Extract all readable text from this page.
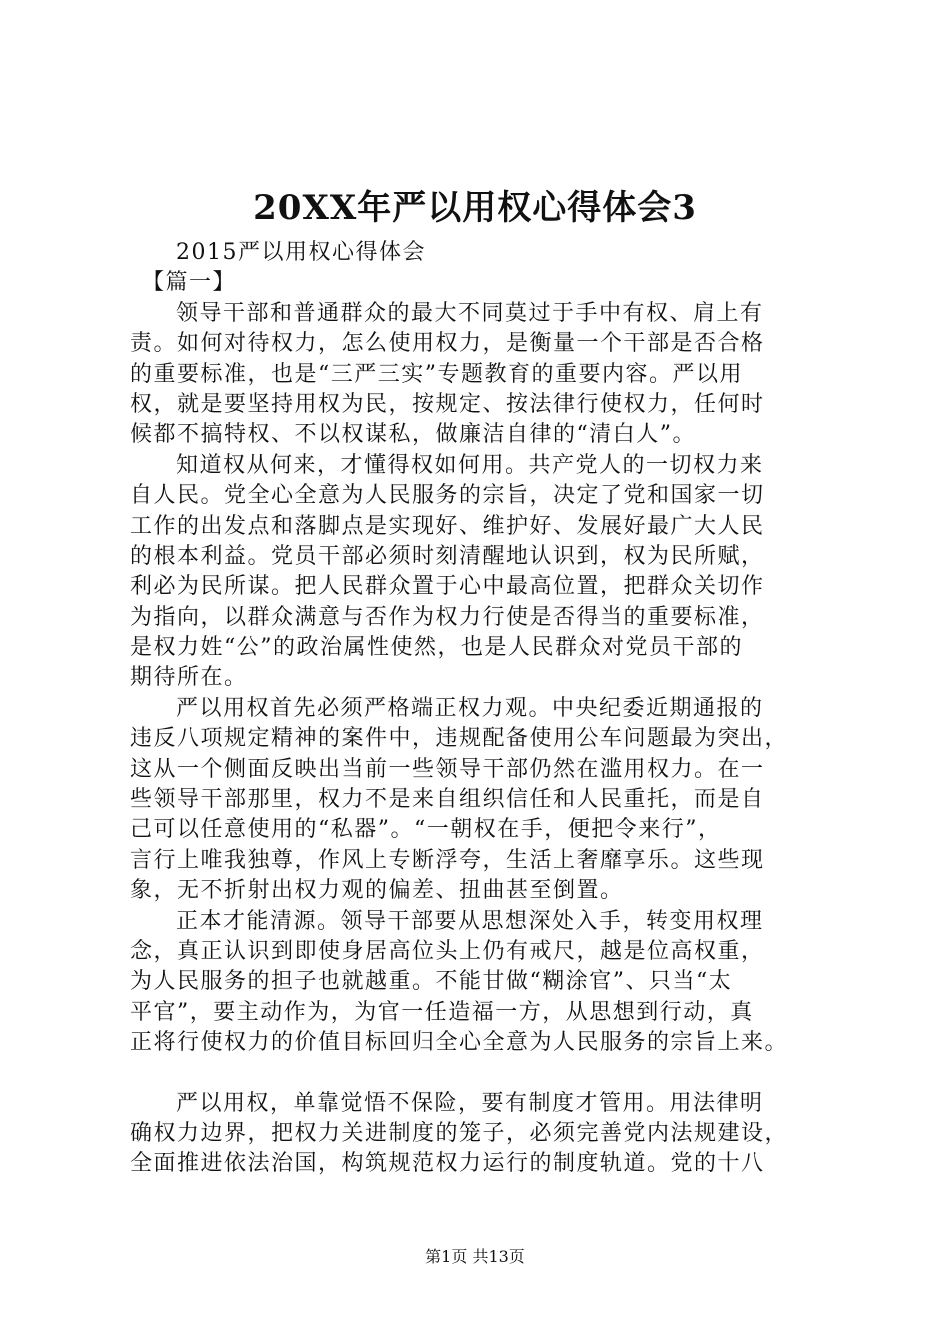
20XX年严以用权心得体会3
2015严以用权心得体会
【篇一】
领导干部和普通群众的最大不同莫过于手中有权、肩上有
责。如何对待权力，怎么使用权力，是衡量一个干部是否合格
的重要标准，也是“三严三实”专题教育的重要内容。严以用
权，就是要坚持用权为民，按规定、按法律行使权力，任何时
候都不搞特权、不以权谋私，做廉洁自律的“清白人”。
知道权从何来，才懂得权如何用。共产党人的一切权力来
自人民。党全心全意为人民服务的宗旨，决定了党和国家一切
工作的出发点和落脚点是实现好、维护好、发展好最广大人民
的根本利益。党员干部必须时刻清醒地认识到，权为民所赋，
利必为民所谋。把人民群众置于心中最高位置，把群众关切作
为指向，以群众满意与否作为权力行使是否得当的重要标准，
是权力姓“公”的政治属性使然，也是人民群众对党员干部的
期待所在。
严以用权首先必须严格端正权力观。中央纪委近期通报的
违反八项规定精神的案件中，违规配备使用公车问题最为突出，
这从一个侧面反映出当前一些领导干部仍然在滥用权力。在一
些领导干部那里，权力不是来自组织信任和人民重托，而是自
己可以任意使用的“私器”。“一朝权在手，便把令来行”，
言行上唯我独尊，作风上专断浮夸，生活上奢靡享乐。这些现
象，无不折射出权力观的偏差、扭曲甚至倒置。
正本才能清源。领导干部要从思想深处入手，转变用权理
念，真正认识到即使身居高位头上仍有戒尺，越是位高权重，
为人民服务的担子也就越重。不能甘做“糊涂官”、只当“太
平官”，要主动作为，为官一任造福一方，从思想到行动，真
正将行使权力的价值目标回归全心全意为人民服务的宗旨上来。
严以用权，单靠觉悟不保险，要有制度才管用。用法律明
确权力边界，把权力关进制度的笼子，必须完善党内法规建设，
全面推进依法治国，构筑规范权力运行的制度轨道。党的十八
第1页 共13页
